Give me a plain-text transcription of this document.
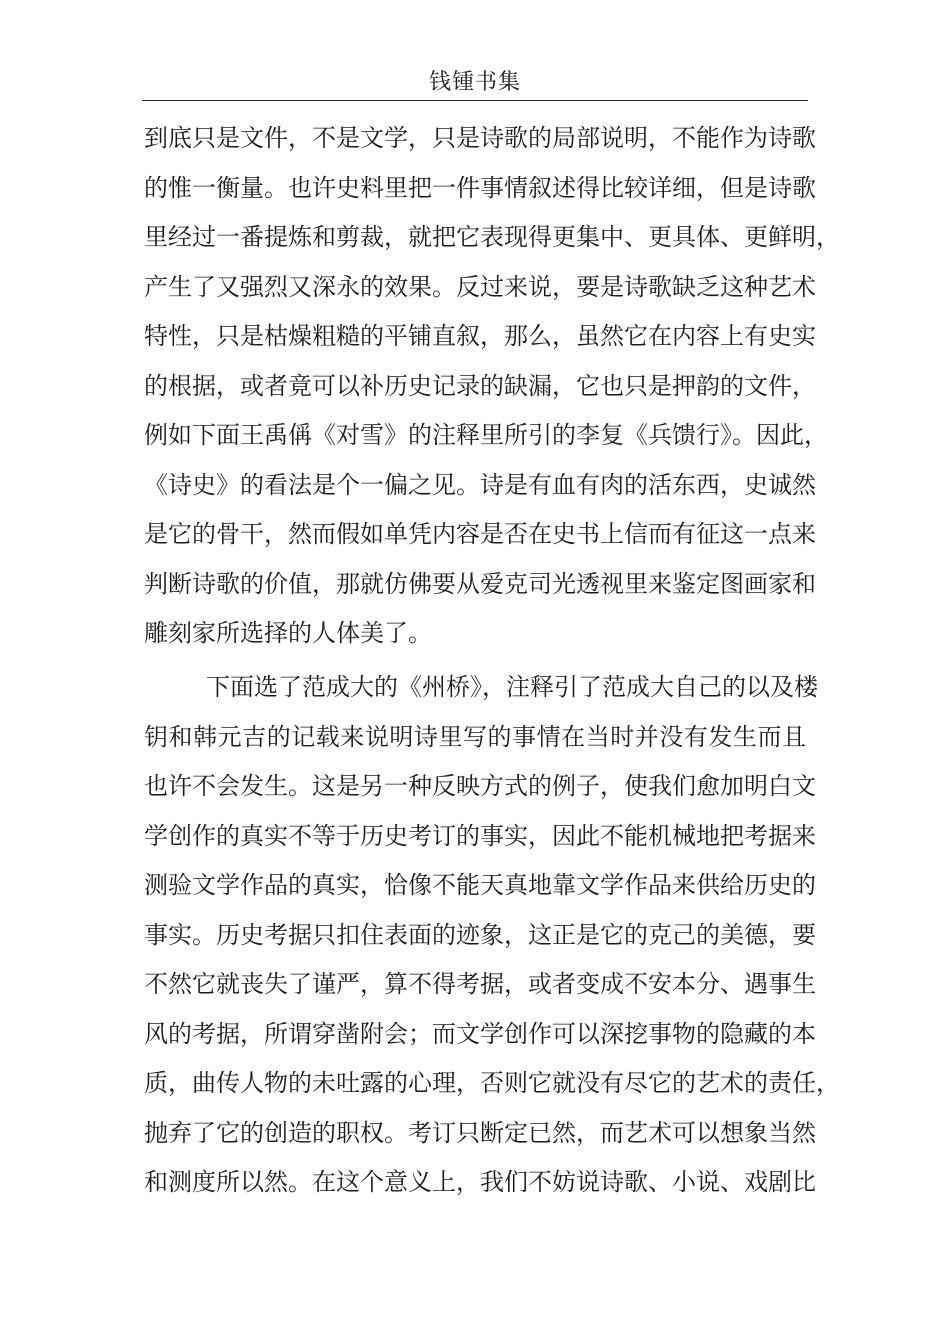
钱锺书集
到底只是文件，不是文学，只是诗歌的局部说明，不能作为诗歌
的惟一衡量。也许史料里把一件事情叙述得比较详细，但是诗歌
里经过一番提炼和剪裁，就把它表现得更集中、更具体、更鲜明，
产生了又强烈又深永的效果。反过来说，要是诗歌缺乏这种艺术
特性，只是枯燥粗糙的平铺直叙，那么，虽然它在内容上有史实
的根据，或者竟可以补历史记录的缺漏，它也只是押韵的文件，
例如下面王禹偁《对雪》的注释里所引的李复《兵馈行》。因此，
《诗史》的看法是个一偏之见。诗是有血有肉的活东西，史诚然
是它的骨干，然而假如单凭内容是否在史书上信而有征这一点来
判断诗歌的价值，那就仿佛要从爱克司光透视里来鉴定图画家和
雕刻家所选择的人体美了。
下面选了范成大的《州桥》，注释引了范成大自己的以及楼
钥和韩元吉的记载来说明诗里写的事情在当时并没有发生而且
也许不会发生。这是另一种反映方式的例子，使我们愈加明白文
学创作的真实不等于历史考订的事实，因此不能机械地把考据来
测验文学作品的真实，恰像不能天真地靠文学作品来供给历史的
事实。历史考据只扣住表面的迹象，这正是它的克己的美德，要
不然它就丧失了谨严，算不得考据，或者变成不安本分、遇事生
风的考据，所谓穿凿附会；而文学创作可以深挖事物的隐藏的本
质，曲传人物的未吐露的心理，否则它就没有尽它的艺术的责任，
抛弃了它的创造的职权。考订只断定已然，而艺术可以想象当然
和测度所以然。在这个意义上，我们不妨说诗歌、小说、戏剧比
